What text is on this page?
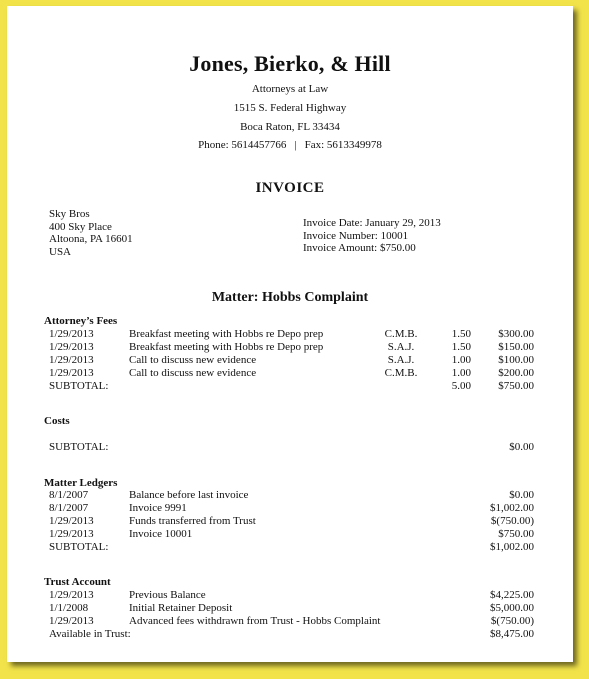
Jones, Bierko, & Hill
Attorneys at Law
1515 S. Federal Highway
Boca Raton, FL 33434
Phone: 5614457766 | Fax: 5613349978
INVOICE
Sky Bros
400 Sky Place
Altoona, PA 16601
USA
Invoice Date: January 29, 2013
Invoice Number: 10001
Invoice Amount: $750.00
Matter: Hobbs Complaint
Attorney’s Fees
1/29/2013	Breakfast meeting with Hobbs re Depo prep	C.M.B.	1.50	$300.00
1/29/2013	Breakfast meeting with Hobbs re Depo prep	S.A.J.	1.50	$150.00
1/29/2013	Call to discuss new evidence	S.A.J.	1.00	$100.00
1/29/2013	Call to discuss new evidence	C.M.B.	1.00	$200.00
SUBTOTAL:	5.00	$750.00
Costs
SUBTOTAL:	$0.00
Matter Ledgers
8/1/2007	Balance before last invoice	$0.00
8/1/2007	Invoice 9991	$1,002.00
1/29/2013	Funds transferred from Trust	$(750.00)
1/29/2013	Invoice 10001	$750.00
SUBTOTAL:	$1,002.00
Trust Account
1/29/2013	Previous Balance	$4,225.00
1/1/2008	Initial Retainer Deposit	$5,000.00
1/29/2013	Advanced fees withdrawn from Trust - Hobbs Complaint	$(750.00)
Available in Trust:	$8,475.00
